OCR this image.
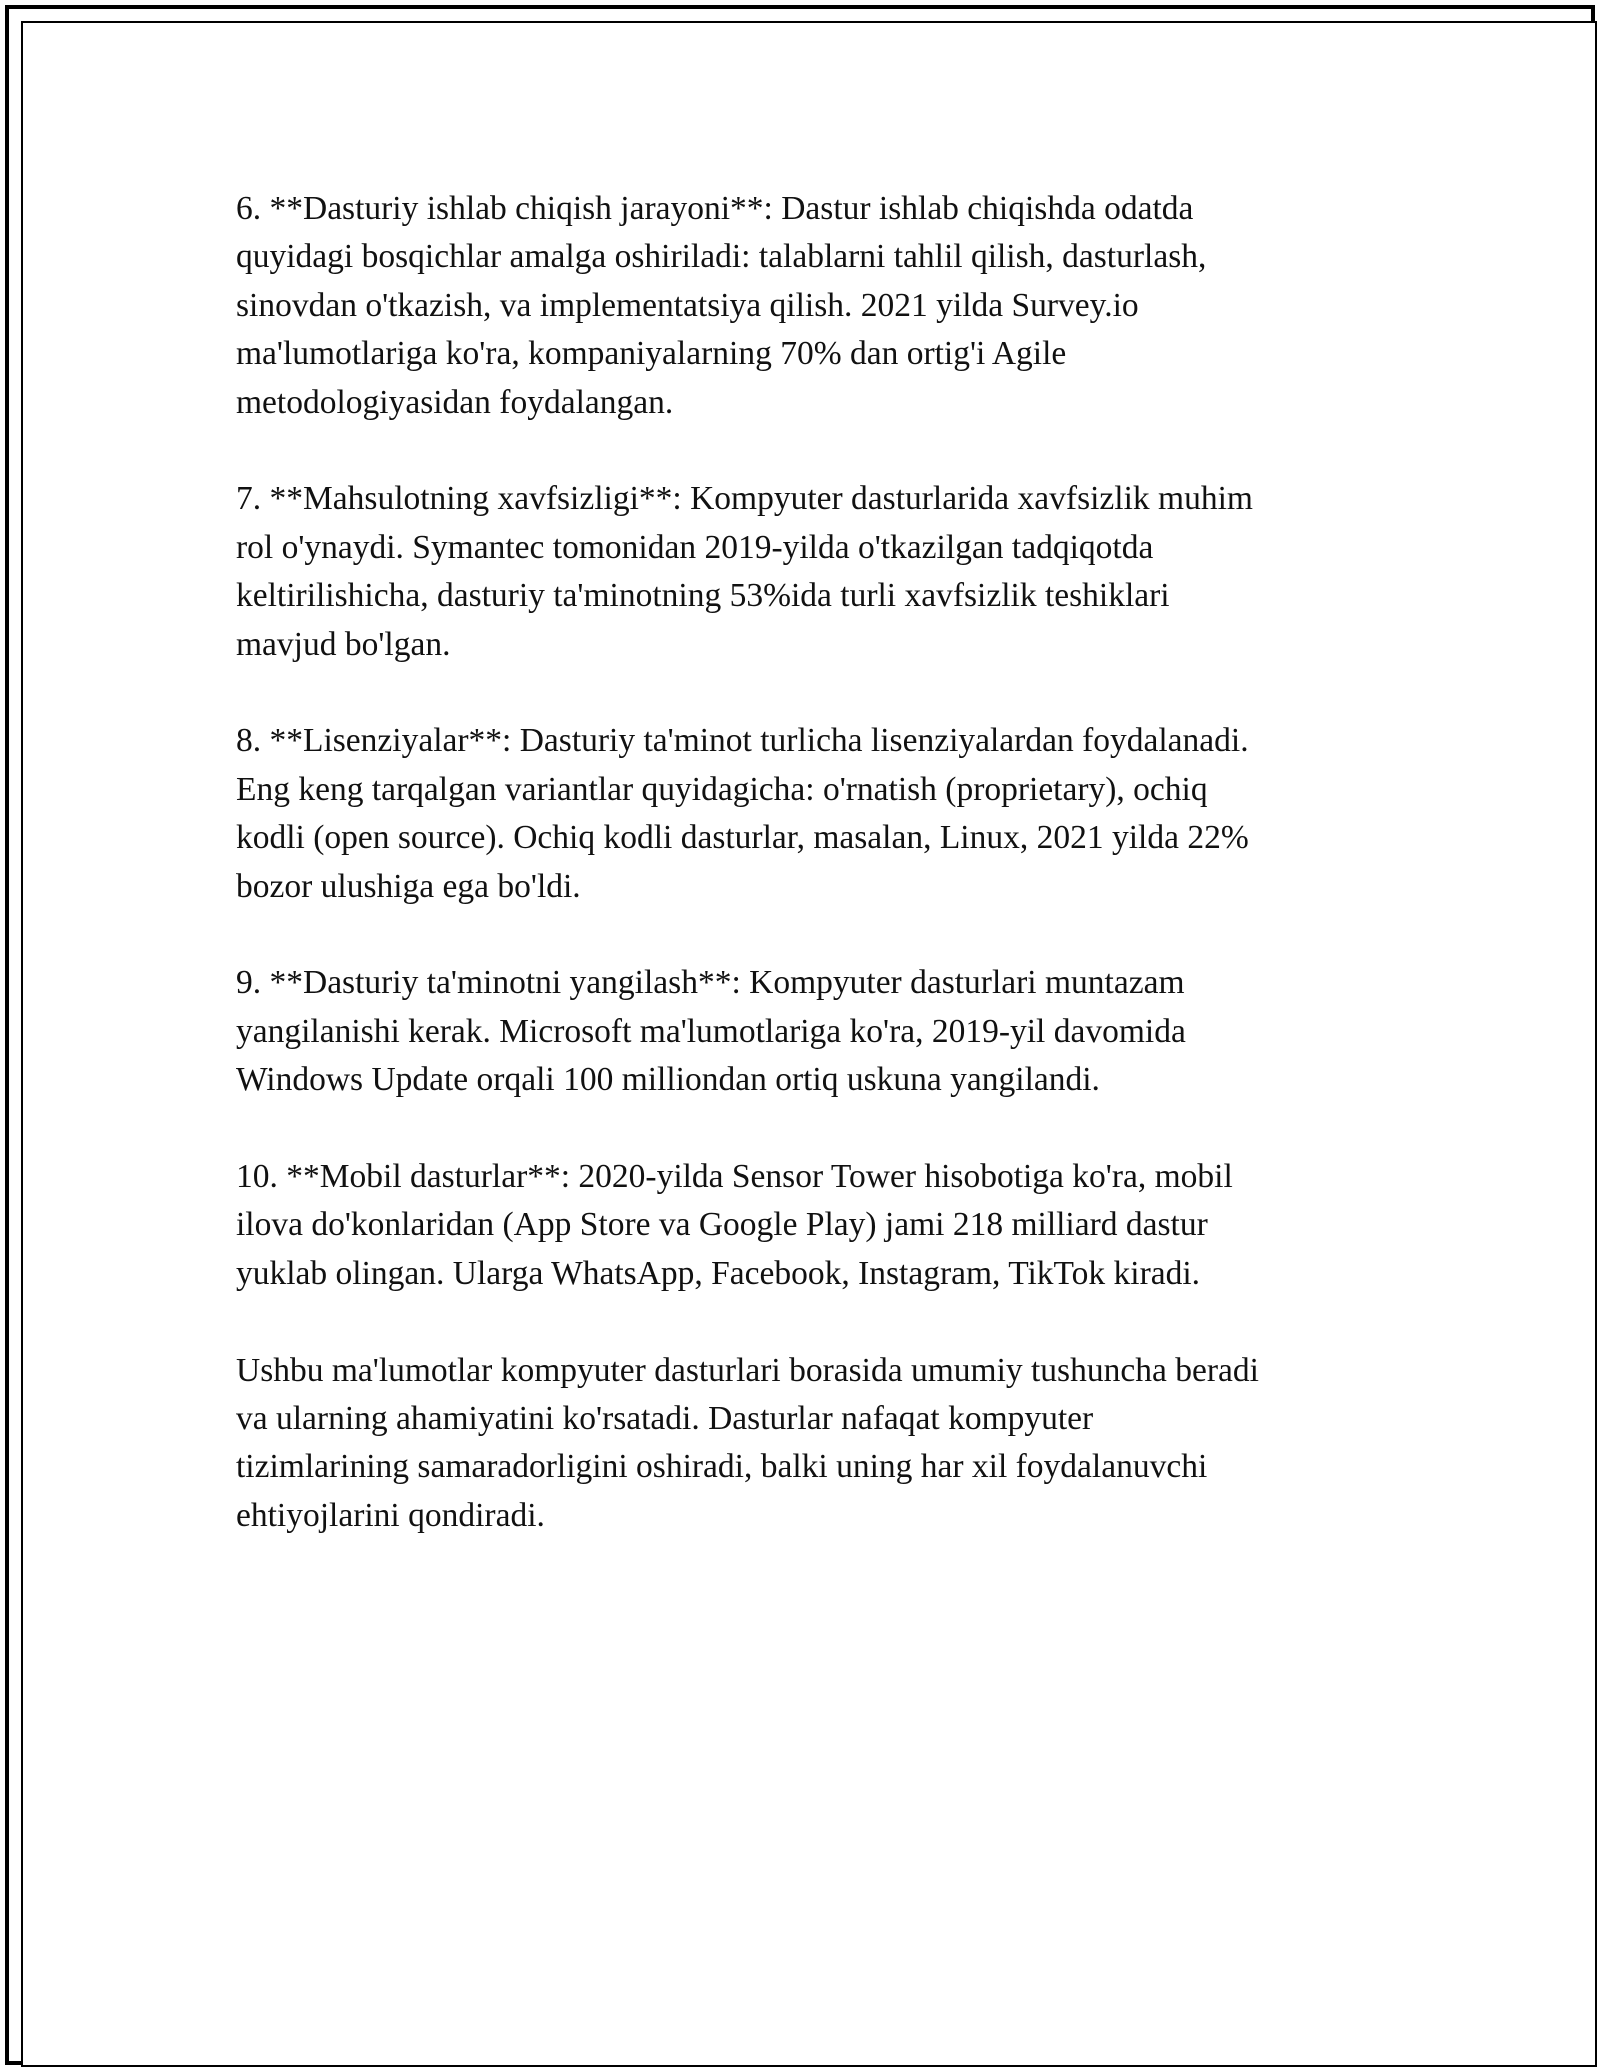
6. **Dasturiy ishlab chiqish jarayoni**: Dastur ishlab chiqishda odatda
quyidagi bosqichlar amalga oshiriladi: talablarni tahlil qilish, dasturlash,
sinovdan o'tkazish, va implementatsiya qilish. 2021 yilda Survey.io
ma'lumotlariga ko'ra, kompaniyalarning 70% dan ortig'i Agile
metodologiyasidan foydalangan.

7. **Mahsulotning xavfsizligi**: Kompyuter dasturlarida xavfsizlik muhim
rol o'ynaydi. Symantec tomonidan 2019-yilda o'tkazilgan tadqiqotda
keltirilishicha, dasturiy ta'minotning 53%ida turli xavfsizlik teshiklari
mavjud bo'lgan.

8. **Lisenziyalar**: Dasturiy ta'minot turlicha lisenziyalardan foydalanadi.
Eng keng tarqalgan variantlar quyidagicha: o'rnatish (proprietary), ochiq
kodli (open source). Ochiq kodli dasturlar, masalan, Linux, 2021 yilda 22%
bozor ulushiga ega bo'ldi.

9. **Dasturiy ta'minotni yangilash**: Kompyuter dasturlari muntazam
yangilanishi kerak. Microsoft ma'lumotlariga ko'ra, 2019-yil davomida
Windows Update orqali 100 milliondan ortiq uskuna yangilandi.

10. **Mobil dasturlar**: 2020-yilda Sensor Tower hisobotiga ko'ra, mobil
ilova do'konlaridan (App Store va Google Play) jami 218 milliard dastur
yuklab olingan. Ularga WhatsApp, Facebook, Instagram, TikTok kiradi.

Ushbu ma'lumotlar kompyuter dasturlari borasida umumiy tushuncha beradi
va ularning ahamiyatini ko'rsatadi. Dasturlar nafaqat kompyuter
tizimlarining samaradorligini oshiradi, balki uning har xil foydalanuvchi
ehtiyojlarini qondiradi.
